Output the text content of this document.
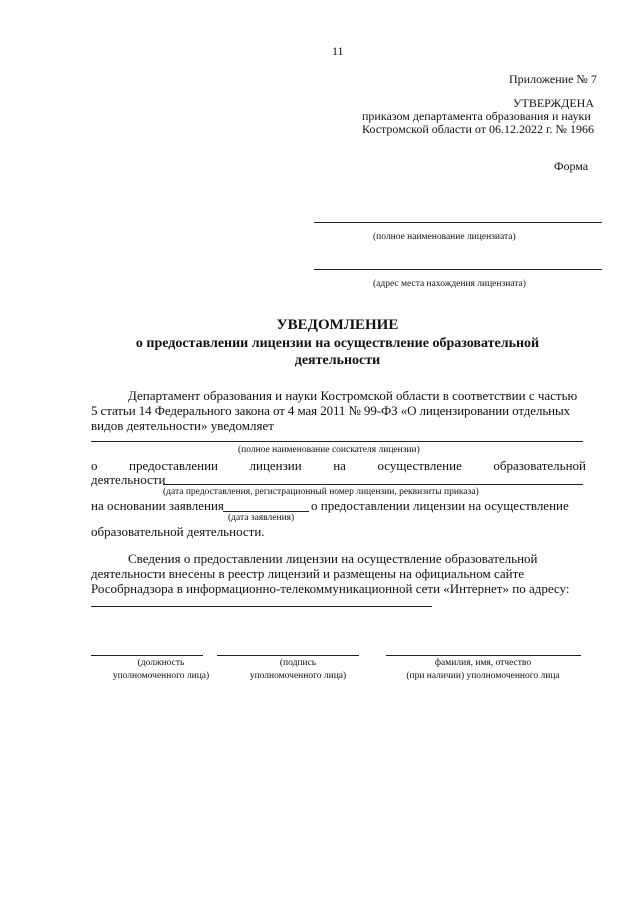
11
Приложение № 7
УТВЕРЖДЕНА
приказом департамента образования и науки
Костромской области от 06.12.2022 г. № 1966
Форма
(полное наименование лицензиата)
(адрес места нахождения лицензиата)
УВЕДОМЛЕНИЕ
о предоставлении лицензии на осуществление образовательной
деятельности
Департамент образования и науки Костромской области в соответствии с частью
5 статьи 14 Федерального закона от 4 мая 2011 № 99-ФЗ «О лицензировании отдельных
видов деятельности» уведомляет
(полное наименование соискателя лицензии)
о предоставлении лицензии на осуществление образовательной
деятельности
(дата предоставления, регистрационный номер лицензии, реквизиты приказа)
на основании заявления	о предоставлении лицензии на осуществление
(дата заявления)
образовательной деятельности.
Сведения о предоставлении лицензии на осуществление образовательной
деятельности внесены в реестр лицензий и размещены на официальном сайте
Рособрнадзора в информационно-телекоммуникационной сети «Интернет» по адресу:
(должность
уполномоченного лица)
(подпись
уполномоченного лица)
фамилия, имя, отчество
(при наличии) уполномоченного лица
